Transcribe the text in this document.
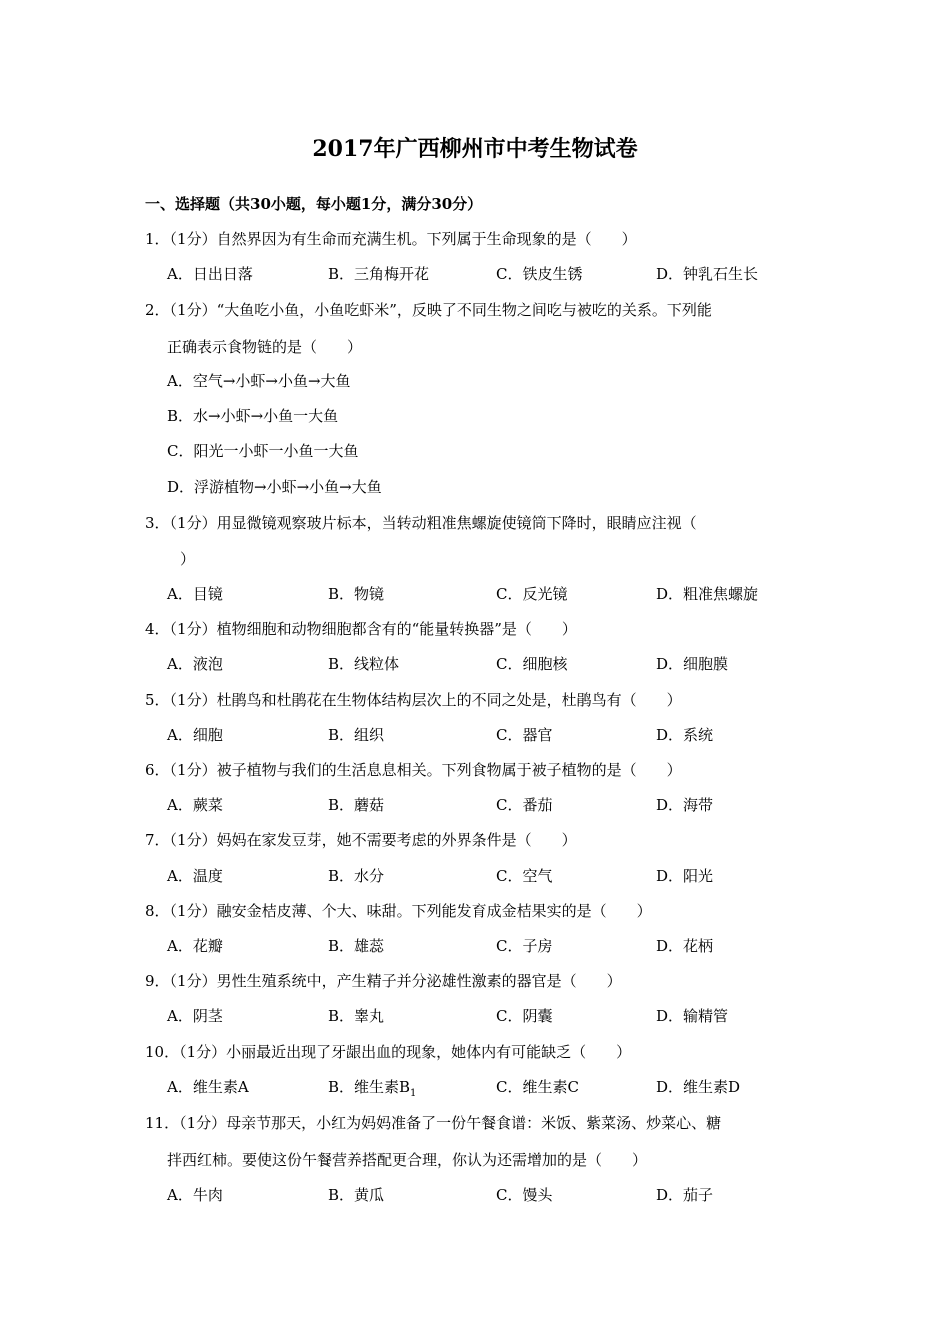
2017年广西柳州市中考生物试卷
一、选择题（共30小题，每小题1分，满分30分）
1．（1分）自然界因为有生命而充满生机。下列属于生命现象的是（　　）
A．日出日落	B．三角梅开花	C．铁皮生锈	D．钟乳石生长
2．（1分）“大鱼吃小鱼，小鱼吃虾米”，反映了不同生物之间吃与被吃的关系。下列能
正确表示食物链的是（　　）
A．空气→小虾→小鱼→大鱼
B．水→小虾→小鱼一大鱼
C．阳光一小虾一小鱼一大鱼
D．浮游植物→小虾→小鱼→大鱼
3．（1分）用显微镜观察玻片标本，当转动粗准焦螺旋使镜筒下降时，眼睛应注视（
）
A．目镜	B．物镜	C．反光镜	D．粗准焦螺旋
4．（1分）植物细胞和动物细胞都含有的“能量转换器”是（　　）
A．液泡	B．线粒体	C．细胞核	D．细胞膜
5．（1分）杜鹃鸟和杜鹃花在生物体结构层次上的不同之处是，杜鹃鸟有（　　）
A．细胞	B．组织	C．器官	D．系统
6．（1分）被子植物与我们的生活息息相关。下列食物属于被子植物的是（　　）
A．蕨菜	B．蘑菇	C．番茄	D．海带
7．（1分）妈妈在家发豆芽，她不需要考虑的外界条件是（　　）
A．温度	B．水分	C．空气	D．阳光
8．（1分）融安金桔皮薄、个大、味甜。下列能发育成金桔果实的是（　　）
A．花瓣	B．雄蕊	C．子房	D．花柄
9．（1分）男性生殖系统中，产生精子并分泌雄性激素的器官是（　　）
A．阴茎	B．睾丸	C．阴囊	D．输精管
10．（1分）小丽最近出现了牙龈出血的现象，她体内有可能缺乏（　　）
A．维生素A	B．维生素$B_1$	C．维生素C	D．维生素D
11．（1分）母亲节那天，小红为妈妈准备了一份午餐食谱：米饭、紫菜汤、炒菜心、糖
拌西红柿。要使这份午餐营养搭配更合理，你认为还需增加的是（　　）
A．牛肉	B．黄瓜	C．馒头	D．茄子
